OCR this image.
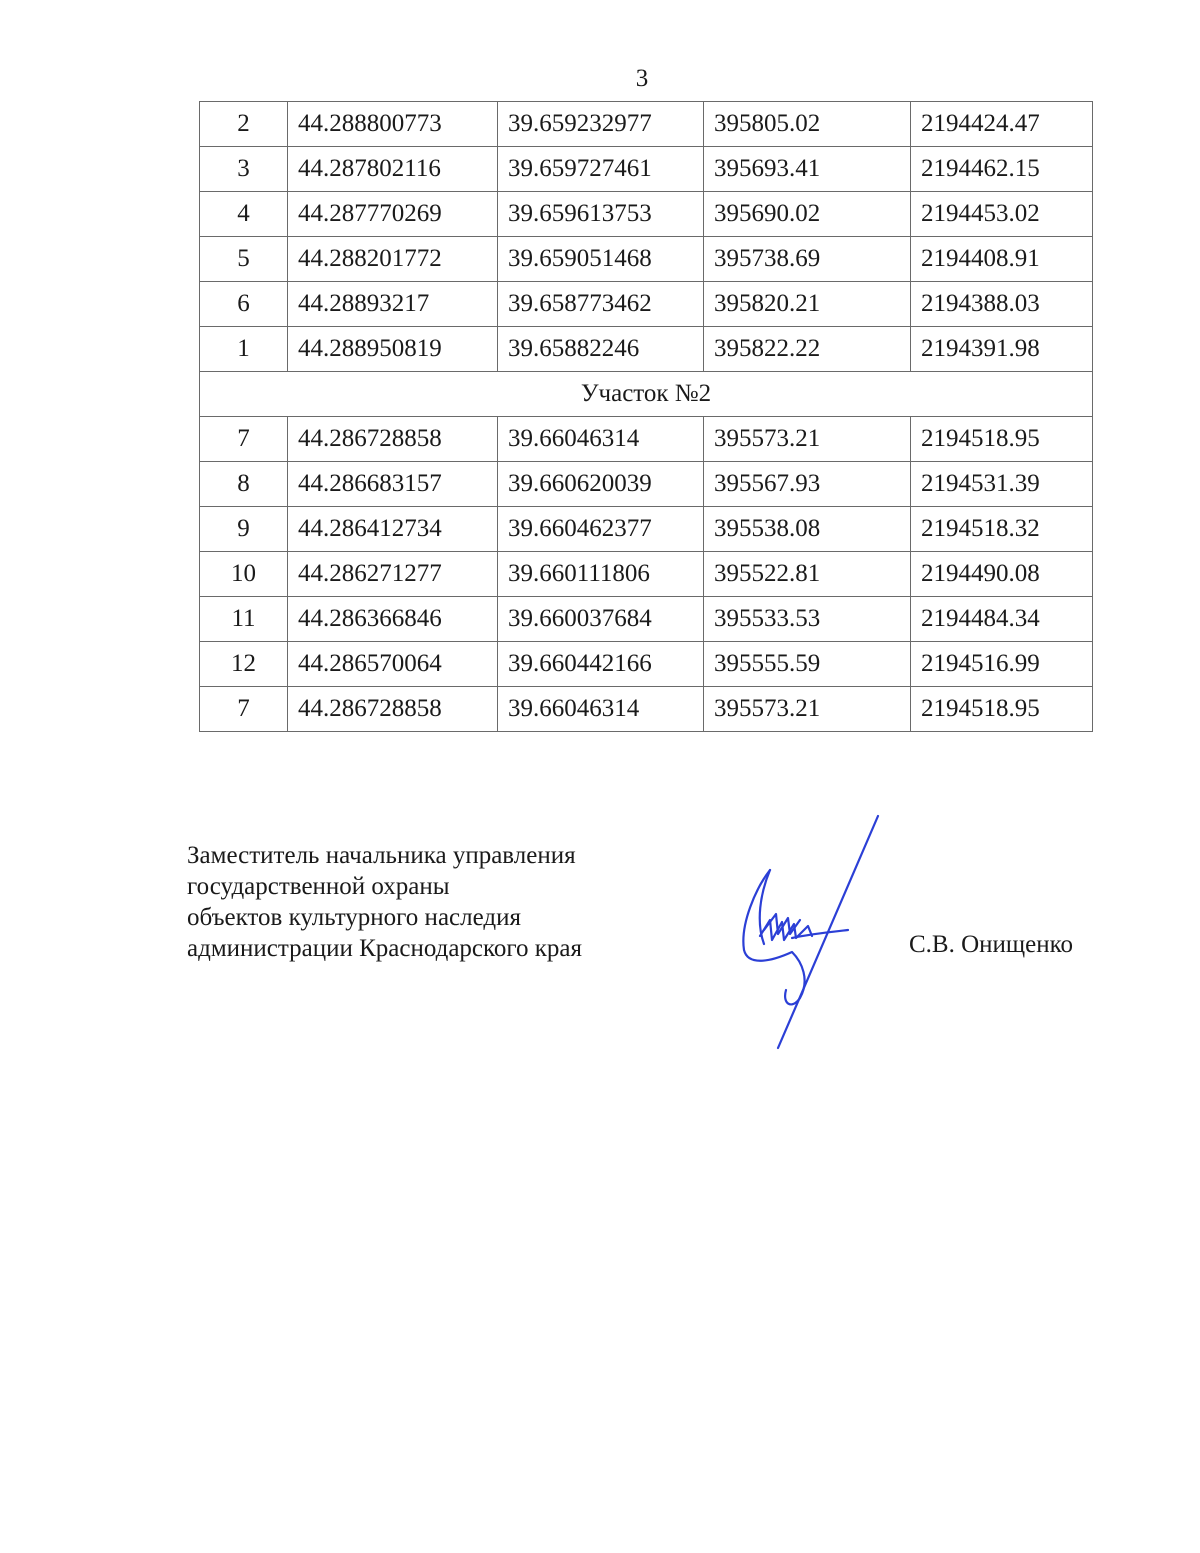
3
2	44.288800773	39.659232977	395805.02	2194424.47
3	44.287802116	39.659727461	395693.41	2194462.15
4	44.287770269	39.659613753	395690.02	2194453.02
5	44.288201772	39.659051468	395738.69	2194408.91
6	44.28893217	39.658773462	395820.21	2194388.03
1	44.288950819	39.65882246	395822.22	2194391.98
Участок №2				
7	44.286728858	39.66046314	395573.21	2194518.95
8	44.286683157	39.660620039	395567.93	2194531.39
9	44.286412734	39.660462377	395538.08	2194518.32
10	44.286271277	39.660111806	395522.81	2194490.08
11	44.286366846	39.660037684	395533.53	2194484.34
12	44.286570064	39.660442166	395555.59	2194516.99
7	44.286728858	39.66046314	395573.21	2194518.95
Заместитель начальника управления
государственной охраны
объектов культурного наследия
администрации Краснодарского края	С.В. Онищенко
